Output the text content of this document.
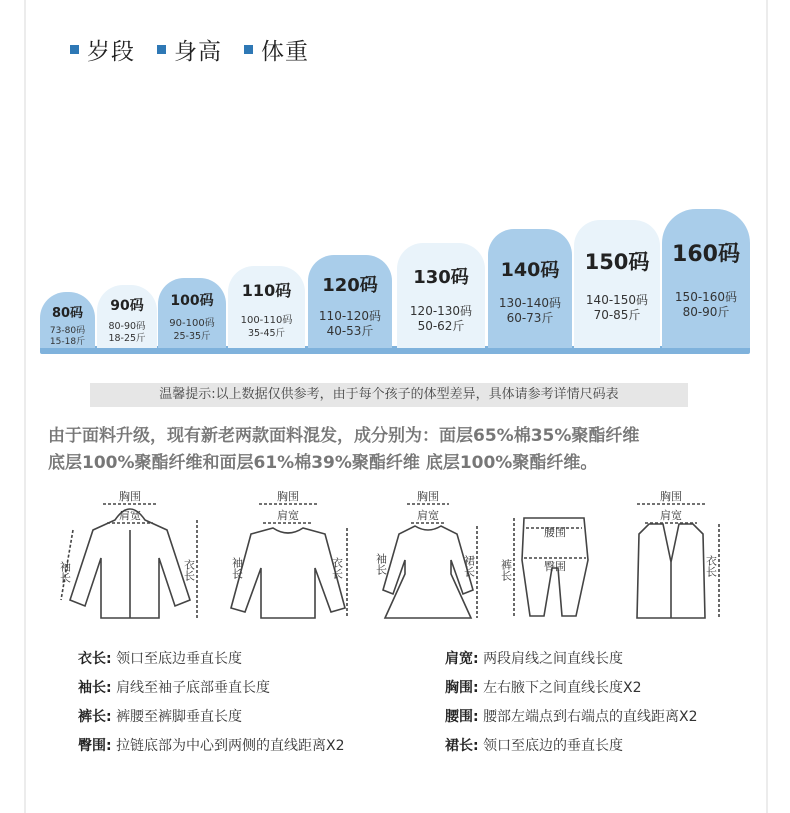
岁段 身高 体重
80码
73-80码
15-18斤
90码
80-90码
18-25斤
100码
90-100码
25-35斤
110码
100-110码
35-45斤
120码
110-120码
40-53斤
130码
120-130码
50-62斤
140码
130-140码
60-73斤
150码
140-150码
70-85斤
160码
150-160码
80-90斤
温馨提示:以上数据仅供参考，由于每个孩子的体型差异，具体请参考详情尺码表
由于面料升级，现有新老两款面料混发，成分别为：面层65%棉35%聚酯纤维
底层100%聚酯纤维和面层61%棉39%聚酯纤维 底层100%聚酯纤维。
胸围
肩宽
袖长	衣长
胸围
肩宽
袖长	衣长
胸围
肩宽
袖长	裙长
腰围
臀围
裤长
胸围
肩宽
衣长
衣长: 领口至底边垂直长度
袖长: 肩线至袖子底部垂直长度
裤长: 裤腰至裤脚垂直长度
臀围: 拉链底部为中心到两侧的直线距离X2
肩宽: 两段肩线之间直线长度
胸围: 左右腋下之间直线长度X2
腰围: 腰部左端点到右端点的直线距离X2
裙长: 领口至底边的垂直长度
